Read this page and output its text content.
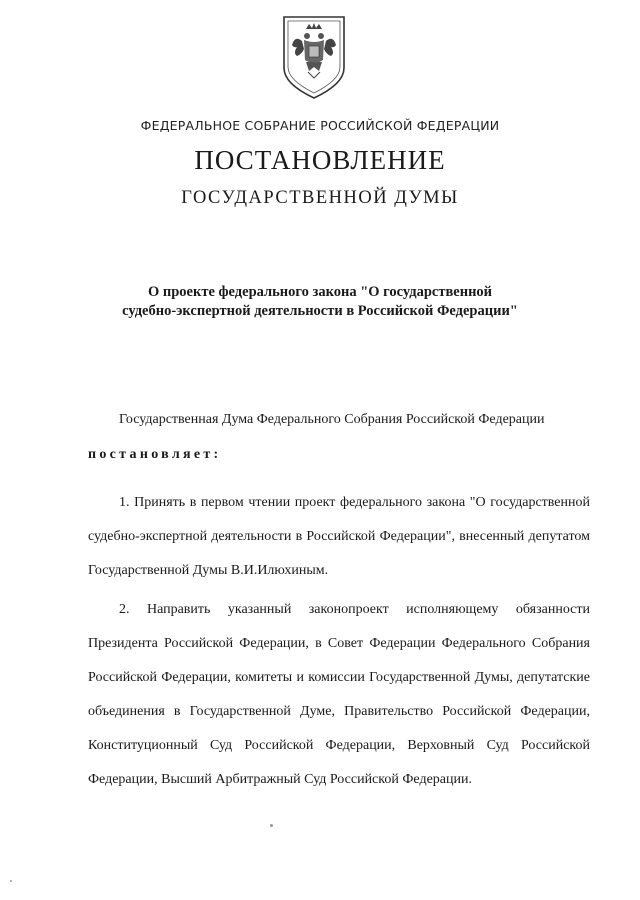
ФЕДЕРАЛЬНОЕ СОБРАНИЕ РОССИЙСКОЙ ФЕДЕРАЦИИ
ПОСТАНОВЛЕНИЕ
ГОСУДАРСТВЕННОЙ ДУМЫ
О проекте федерального закона "О государственной
судебно-экспертной деятельности в Российской Федерации"

Государственная Дума Федерального Собрания Российской Федерации

постановляет:

1. Принять в первом чтении проект федерального закона "О государственной судебно-экспертной деятельности в Российской Федерации", внесенный депутатом Государственной Думы В.И.Илюхиным.

2. Направить указанный законопроект исполняющему обязанности Президента Российской Федерации, в Совет Федерации Федерального Собрания Российской Федерации, комитеты и комиссии Государственной Думы, депутатские объединения в Государственной Думе, Правительство Российской Федерации, Конституционный Суд Российской Федерации, Верховный Суд Российской Федерации, Высший Арбитражный Суд Российской Федерации.
